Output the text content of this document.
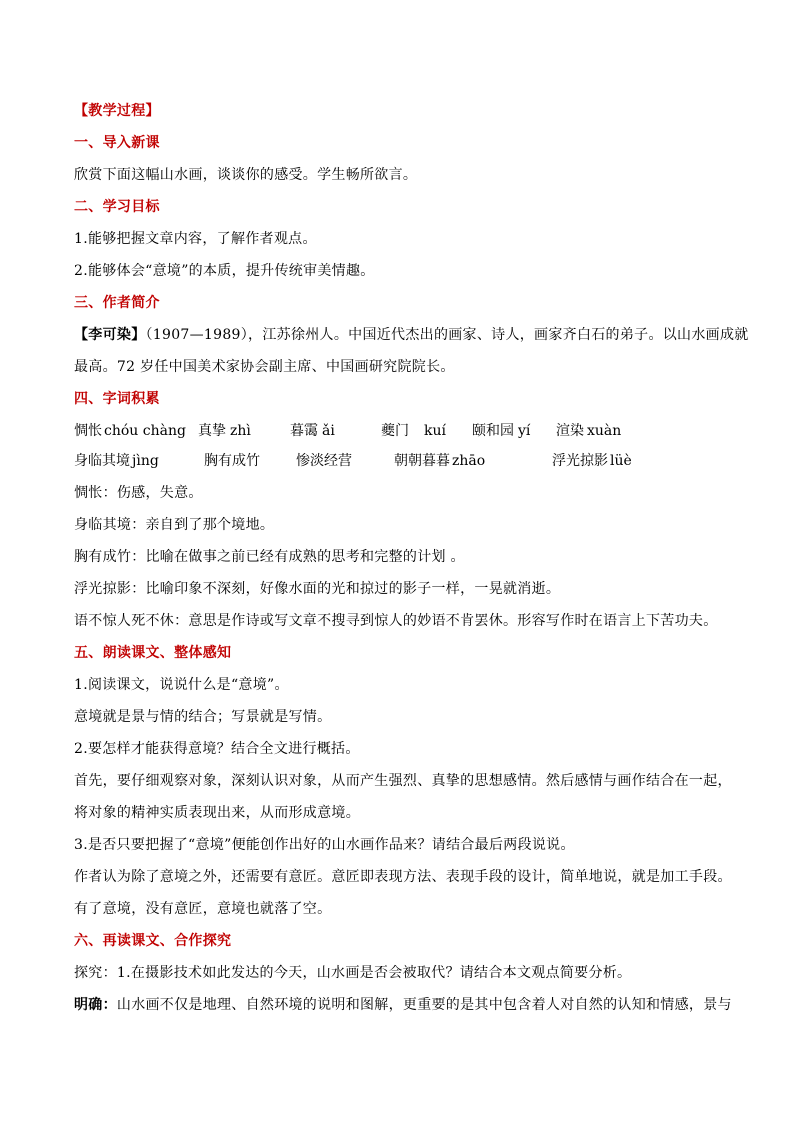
【教学过程】
一、导入新课
欣赏下面这幅山水画，谈谈你的感受。学生畅所欲言。
二、学习目标
1.能够把握文章内容，了解作者观点。
2.能够体会“意境”的本质，提升传统审美情趣。
三、作者简介
【李可染】（1907—1989），江苏徐州人。中国近代杰出的画家、诗人，画家齐白石的弟子。以山水画成就
最高。72 岁任中国美术家协会副主席、中国画研究院院长。
四、字词积累
惆怅 chóu chàng 真挚 zhì	暮霭 ǎi	夔门 kuí 颐和园 yí 渲染 xuàn
身临其境 jìng	胸有成竹	惨淡经营	朝朝暮暮 zhāo	浮光掠影 lüè
惆怅：伤感，失意。
身临其境：亲自到了那个境地。
胸有成竹：比喻在做事之前已经有成熟的思考和完整的计划 。
浮光掠影：比喻印象不深刻，好像水面的光和掠过的影子一样，一晃就消逝。
语不惊人死不休：意思是作诗或写文章不搜寻到惊人的妙语不肯罢休。形容写作时在语言上下苦功夫。
五、朗读课文、整体感知
1.阅读课文，说说什么是“意境”。
意境就是景与情的结合；写景就是写情。
2.要怎样才能获得意境？结合全文进行概括。
首先，要仔细观察对象，深刻认识对象，从而产生强烈、真挚的思想感情。然后感情与画作结合在一起，
将对象的精神实质表现出来，从而形成意境。
3.是否只要把握了“意境”便能创作出好的山水画作品来？请结合最后两段说说。
作者认为除了意境之外，还需要有意匠。意匠即表现方法、表现手段的设计，简单地说，就是加工手段。
有了意境，没有意匠，意境也就落了空。
六、再读课文、合作探究
探究：1.在摄影技术如此发达的今天，山水画是否会被取代？请结合本文观点简要分析。
明确：山水画不仅是地理、自然环境的说明和图解，更重要的是其中包含着人对自然的认知和情感，景与
